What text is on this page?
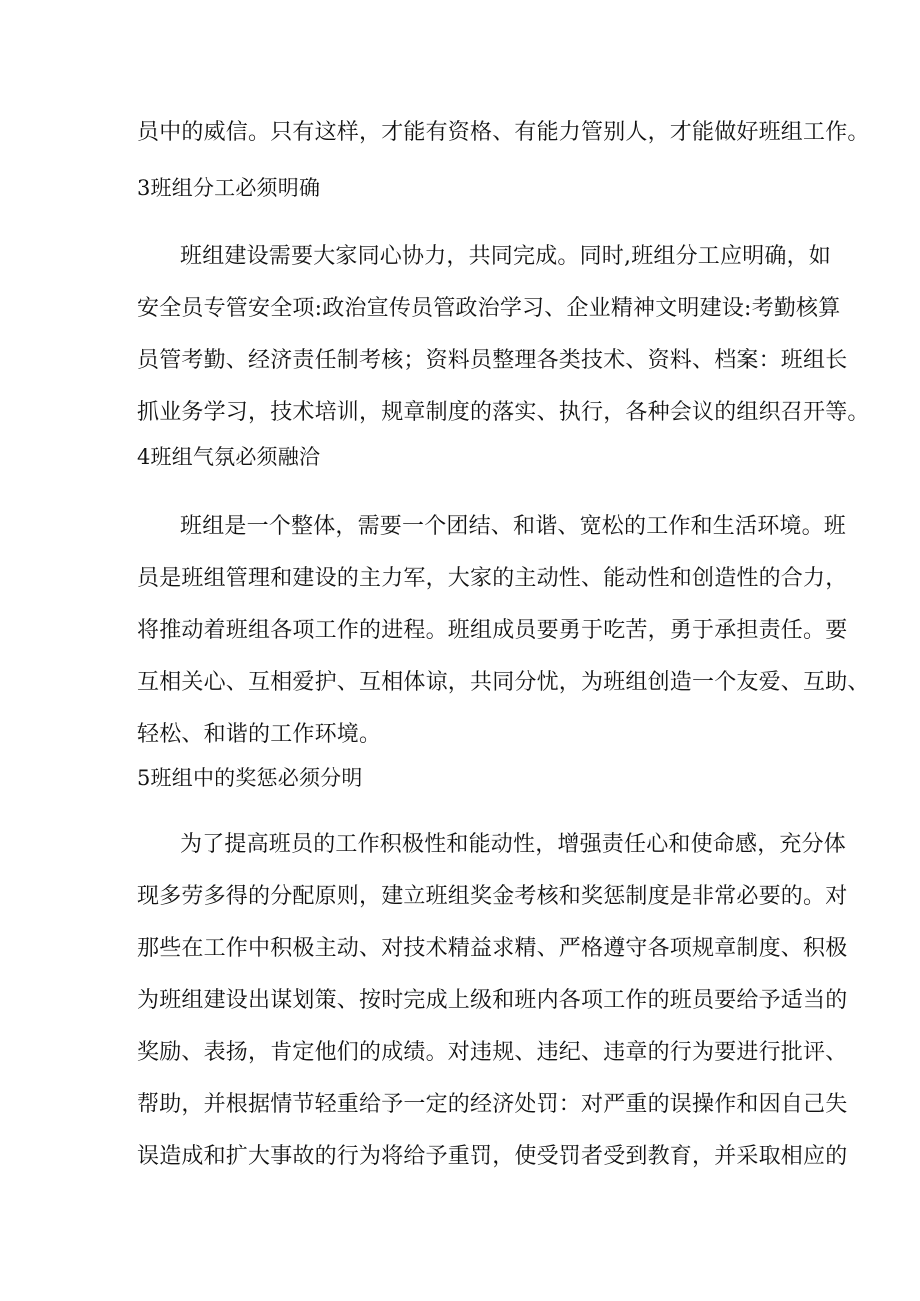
员中的威信。只有这样，才能有资格、有能力管别人，才能做好班组工作。
3班组分工必须明确
班组建设需要大家同心协力，共同完成。同时,班组分工应明确，如
安全员专管安全项:政治宣传员管政治学习、企业精神文明建设:考勤核算
员管考勤、经济责任制考核；资料员整理各类技术、资料、档案：班组长
抓业务学习，技术培训，规章制度的落实、执行，各种会议的组织召开等。
4班组气氛必须融洽
班组是一个整体，需要一个团结、和谐、宽松的工作和生活环境。班
员是班组管理和建设的主力军，大家的主动性、能动性和创造性的合力，
将推动着班组各项工作的进程。班组成员要勇于吃苦，勇于承担责任。要
互相关心、互相爱护、互相体谅，共同分忧，为班组创造一个友爱、互助、
轻松、和谐的工作环境。
5班组中的奖惩必须分明
为了提高班员的工作积极性和能动性，增强责任心和使命感，充分体
现多劳多得的分配原则，建立班组奖金考核和奖惩制度是非常必要的。对
那些在工作中积极主动、对技术精益求精、严格遵守各项规章制度、积极
为班组建设出谋划策、按时完成上级和班内各项工作的班员要给予适当的
奖励、表扬，肯定他们的成绩。对违规、违纪、违章的行为要进行批评、
帮助，并根据情节轻重给予一定的经济处罚：对严重的误操作和因自己失
误造成和扩大事故的行为将给予重罚，使受罚者受到教育，并采取相应的
